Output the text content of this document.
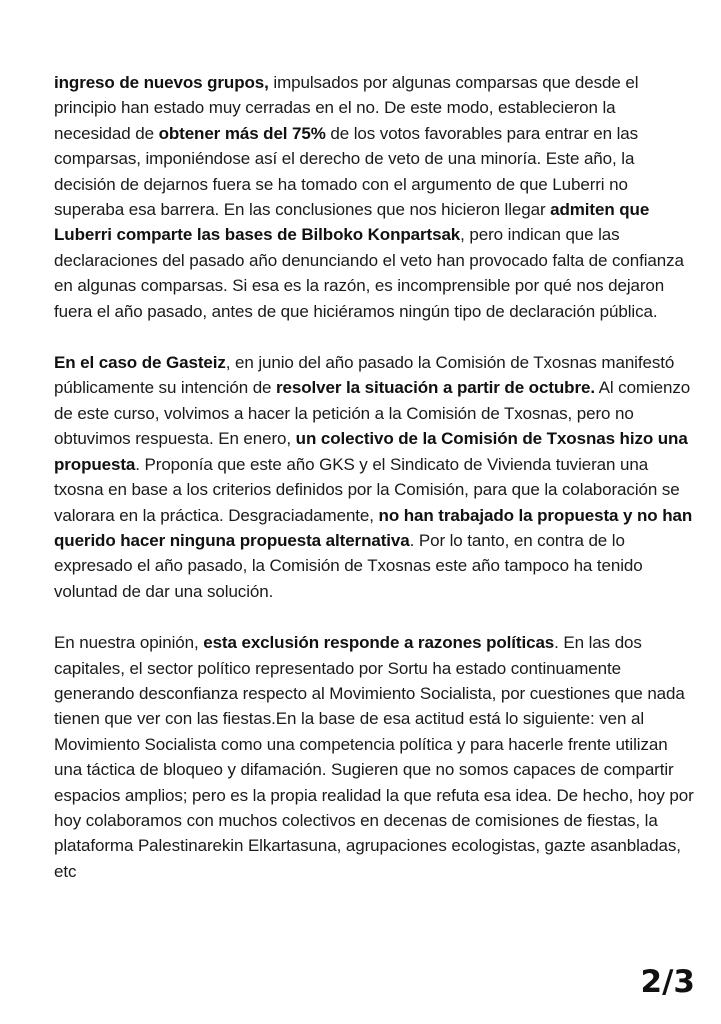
ingreso de nuevos grupos, impulsados por algunas comparsas que desde el principio han estado muy cerradas en el no. De este modo, establecieron la necesidad de obtener más del 75% de los votos favorables para entrar en las comparsas, imponiéndose así el derecho de veto de una minoría. Este año, la decisión de dejarnos fuera se ha tomado con el argumento de que Luberri no superaba esa barrera. En las conclusiones que nos hicieron llegar admiten que Luberri comparte las bases de Bilboko Konpartsak, pero indican que las declaraciones del pasado año denunciando el veto han provocado falta de confianza en algunas comparsas. Si esa es la razón, es incomprensible por qué nos dejaron fuera el año pasado, antes de que hiciéramos ningún tipo de declaración pública.

En el caso de Gasteiz, en junio del año pasado la Comisión de Txosnas manifestó públicamente su intención de resolver la situación a partir de octubre. Al comienzo de este curso, volvimos a hacer la petición a la Comisión de Txosnas, pero no obtuvimos respuesta. En enero, un colectivo de la Comisión de Txosnas hizo una propuesta. Proponía que este año GKS y el Sindicato de Vivienda tuvieran una txosna en base a los criterios definidos por la Comisión, para que la colaboración se valorara en la práctica. Desgraciadamente, no han trabajado la propuesta y no han querido hacer ninguna propuesta alternativa. Por lo tanto, en contra de lo expresado el año pasado, la Comisión de Txosnas este año tampoco ha tenido voluntad de dar una solución.

En nuestra opinión, esta exclusión responde a razones políticas. En las dos capitales, el sector político representado por Sortu ha estado continuamente generando desconfianza respecto al Movimiento Socialista, por cuestiones que nada tienen que ver con las fiestas.En la base de esa actitud está lo siguiente: ven al Movimiento Socialista como una competencia política y para hacerle frente utilizan una táctica de bloqueo y difamación. Sugieren que no somos capaces de compartir espacios amplios; pero es la propia realidad la que refuta esa idea. De hecho, hoy por hoy colaboramos con muchos colectivos en decenas de comisiones de fiestas, la plataforma Palestinarekin Elkartasuna, agrupaciones ecologistas, gazte asanbladas, etc

2/3
